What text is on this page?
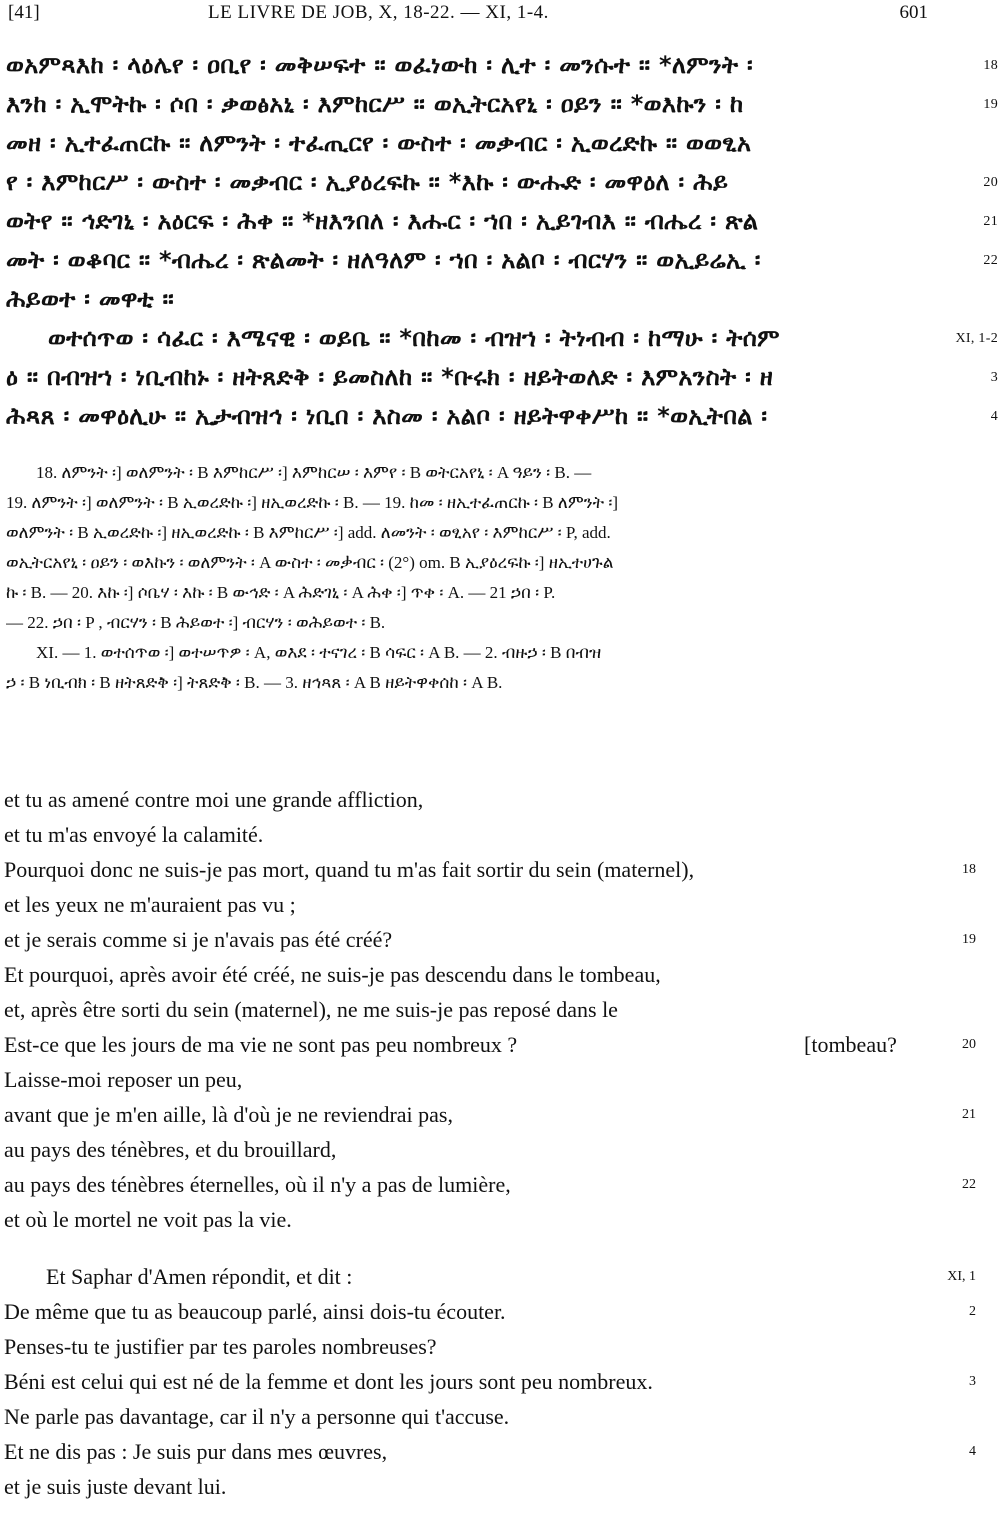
[41]	LE LIVRE DE JOB, X, 18-22. — XI, 1-4.	601
ወአምጻእከ ፡ ላዕሌየ ፡ ዐቢየ ፡ መቅሠፍተ ። ወፈነውከ ፡ ሊተ ፡ መንሱተ ። *ለምንት ፡	18
እንከ ፡ ኢሞትኩ ፡ ሶበ ፡ ቃወፅአኒ ፡ እምከርሥ ። ወኢትርአየኒ ፡ ዐይን ። *ወእኩን ፡ ከ	19
መዘ ፡ ኢተፈጠርኩ ። ለምንት ፡ ተፈጢርየ ፡ ውስተ ፡ መቃብር ፡ ኢወረድኩ ። ወወፂአ
የ ፡ እምከርሥ ፡ ውስተ ፡ መቃብር ፡ ኢያዕረፍኩ ። *እኩ ፡ ውሑድ ፡ መዋዕለ ፡ ሕይ	20
ወትየ ። ኅድገኒ ፡ አዕርፍ ፡ ሕቀ ። *ዘእንበለ ፡ እሑር ፡ ኀበ ፡ ኢይገብእ ። ብሔረ ፡ ጽል	21
መት ፡ ወቆባር ። *ብሔረ ፡ ጽልመት ፡ ዘለዓለም ፡ ኀበ ፡ አልቦ ፡ ብርሃን ። ወኢይሬኢ ፡	22
ሕይወተ ፡ መዋቲ ።
ወተሰጥወ ፡ ሳፈር ፡ እሜናዊ ፡ ወይቤ ። *በከመ ፡ ብዝኀ ፡ ትነብብ ፡ ከማሁ ፡ ትሰም	XI, 1-2
ዕ ። በብዝኀ ፡ ነቢብከኑ ፡ ዘትጸድቅ ፡ ይመስለከ ። *ቡሩክ ፡ ዘይትወለድ ፡ እምአንስት ፡ ዘ	3
ሕጻጸ ፡ መዋዕሊሁ ። ኢታብዝኅ ፡ ነቢበ ፡ እስመ ፡ አልቦ ፡ ዘይትዋቀሥከ ። *ወኢትበል ፡	4
18. ለምንት ፡] ወለምንት ፡ B እምከርሥ ፡] እምከርሠ ፡ እምየ ፡ B ወትርአየኒ ፡ A ዓይን ፡ B. —
19. ለምንት ፡] ወለምንት ፡ B ኢወረድኩ ፡] ዘኢወረድኩ ፡ B. — 19. ከመ ፡ ዘኢተፈጠርኩ ፡ B ለምንት ፡]
ወለምንት ፡ B ኢወረድኩ ፡] ዘኢወረድኩ ፡ B እምከርሥ ፡] add. ለመንት ፡ ወፂአየ ፡ እምከርሥ ፡ P, add.
ወኢትርአየኒ ፡ ዐይን ፡ ወእኩን ፡ ወለምንት ፡ A ውስተ ፡ መቃብር ፡ (2°) om. B ኢያዕረፍኩ ፡] ዘኢተሀጉል
ኩ ፡ B. — 20. እኩ ፡] ሶቤሃ ፡ እኩ ፡ B ውኅድ ፡ A ሕድገኒ ፡ A ሕቀ ፡] ጥቀ ፡ A. — 21 ኃበ ፡ P.
— 22. ኃበ ፡ P , ብርሃን ፡ B ሕይወተ ፡] ብርሃን ፡ ወሕይወተ ፡ B.
XI. — 1. ወተሰጥወ ፡] ወተሠጥዎ ፡ A, ወእደ ፡ ተናገረ ፡ B ሳፍር ፡ A B. — 2. ብዙኃ ፡ B በብዝ
ኃ ፡ B ነቢብክ ፡ B ዘትጸድቅ ፡] ትጸድቅ ፡ B. — 3. ዘኅጻጸ ፡ A B ዘይትዋቀሰከ ፡ A B.
et tu as amené contre moi une grande affliction,
et tu m'as envoyé la calamité.
Pourquoi donc ne suis-je pas mort, quand tu m'as fait sortir du sein (maternel),	18
et les yeux ne m'auraient pas vu ;
et je serais comme si je n'avais pas été créé?	19
Et pourquoi, après avoir été créé, ne suis-je pas descendu dans le tombeau,
et, après être sorti du sein (maternel), ne me suis-je pas reposé dans le
Est-ce que les jours de ma vie ne sont pas peu nombreux ?	[tombeau?	20
Laisse-moi reposer un peu,
avant que je m'en aille, là d'où je ne reviendrai pas,	21
au pays des ténèbres, et du brouillard,
au pays des ténèbres éternelles, où il n'y a pas de lumière,	22
et où le mortel ne voit pas la vie.
Et Saphar d'Amen répondit, et dit :	XI, 1
De même que tu as beaucoup parlé, ainsi dois-tu écouter.	2
Penses-tu te justifier par tes paroles nombreuses?
Béni est celui qui est né de la femme et dont les jours sont peu nombreux.	3
Ne parle pas davantage, car il n'y a personne qui t'accuse.
Et ne dis pas : Je suis pur dans mes œuvres,	4
et je suis juste devant lui.
